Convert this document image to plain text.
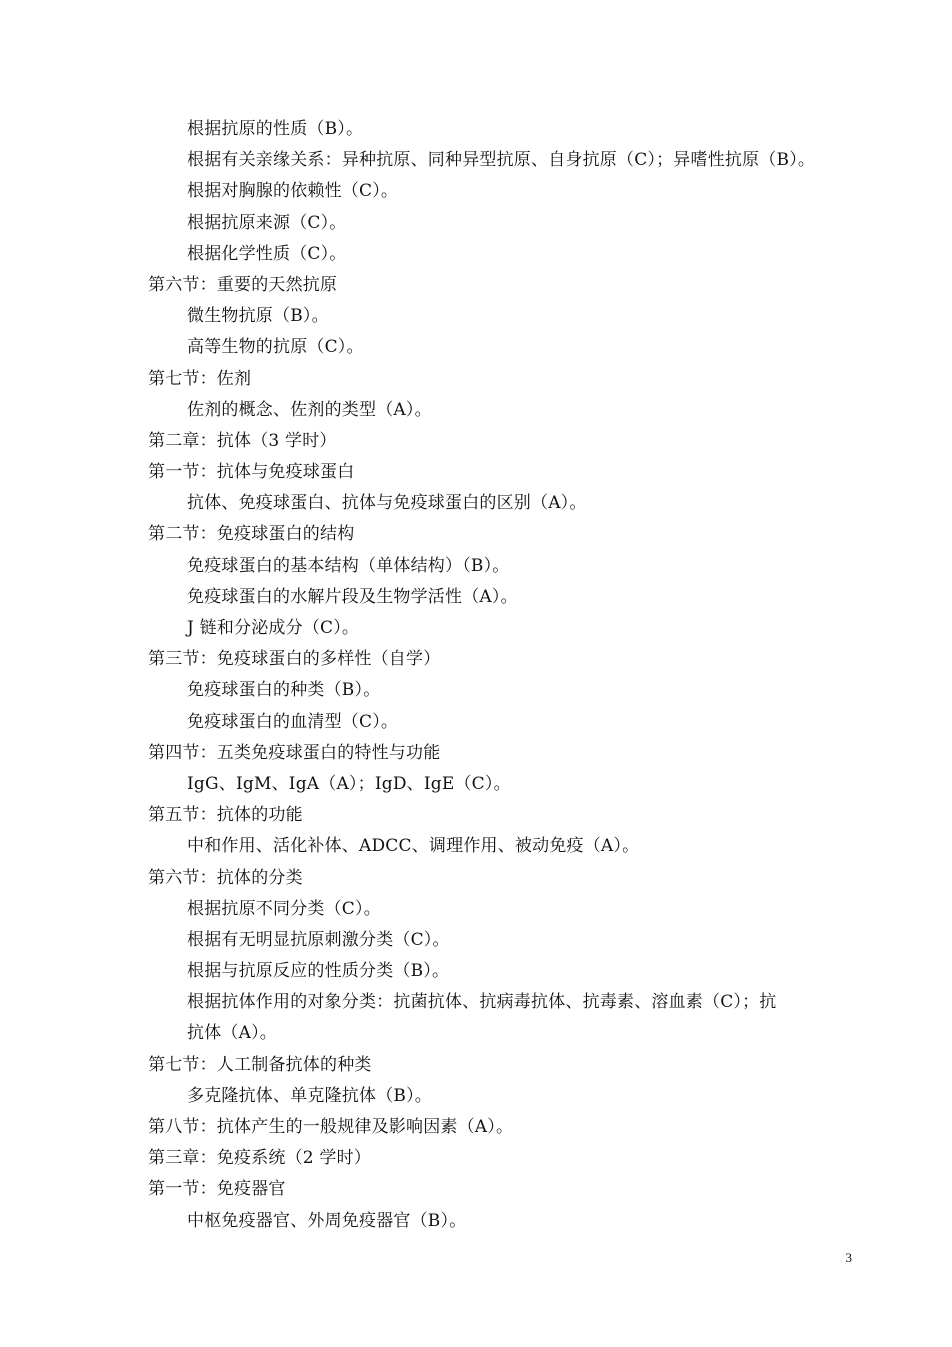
根据抗原的性质（B）。
根据有关亲缘关系：异种抗原、同种异型抗原、自身抗原（C）；异嗜性抗原（B）。
根据对胸腺的依赖性（C）。
根据抗原来源（C）。
根据化学性质（C）。
第六节：重要的天然抗原
微生物抗原（B）。
高等生物的抗原（C）。
第七节：佐剂
佐剂的概念、佐剂的类型（A）。
第二章：抗体（3 学时）
第一节：抗体与免疫球蛋白
抗体、免疫球蛋白、抗体与免疫球蛋白的区别（A）。
第二节：免疫球蛋白的结构
免疫球蛋白的基本结构（单体结构）（B）。
免疫球蛋白的水解片段及生物学活性（A）。
J 链和分泌成分（C）。
第三节：免疫球蛋白的多样性（自学）
免疫球蛋白的种类（B）。
免疫球蛋白的血清型（C）。
第四节：五类免疫球蛋白的特性与功能
IgG、IgM、IgA（A）；IgD、IgE（C）。
第五节：抗体的功能
中和作用、活化补体、ADCC、调理作用、被动免疫（A）。
第六节：抗体的分类
根据抗原不同分类（C）。
根据有无明显抗原刺激分类（C）。
根据与抗原反应的性质分类（B）。
根据抗体作用的对象分类：抗菌抗体、抗病毒抗体、抗毒素、溶血素（C）；抗
抗体（A）。
第七节：人工制备抗体的种类
多克隆抗体、单克隆抗体（B）。
第八节：抗体产生的一般规律及影响因素（A）。
第三章：免疫系统（2 学时）
第一节：免疫器官
中枢免疫器官、外周免疫器官（B）。
3
